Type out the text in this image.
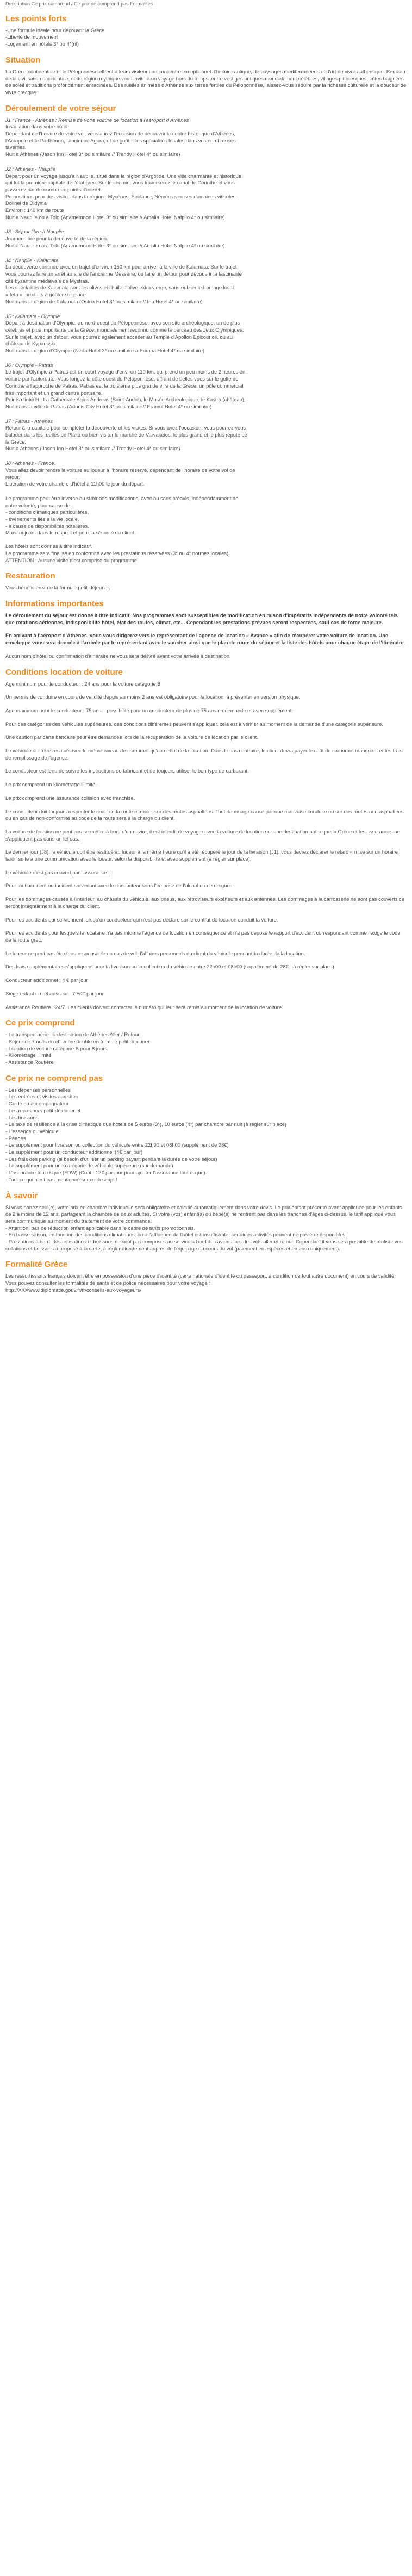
Description Ce prix comprend / Ce prix ne comprend pas Formalités
Les points forts
-Une formule idéale pour découvrir la Grèce
-Liberté de mouvement
-Logement en hôtels 3* ou 4*(nl)
Situation

La Grèce continentale et le Péloponnèse offrent à leurs visiteurs un concentré exceptionnel d'histoire antique, de paysages méditerranéens et d'art de vivre authentique. Berceau de la civilisation occidentale, cette région mythique vous invite à un voyage hors du temps, entre vestiges antiques mondialement célèbres, villages pittoresques, côtes baignées de soleil et traditions profondément enracinées. Des ruelles animées d'Athènes aux terres fertiles du Péloponnèse, laissez-vous séduire par la richesse culturelle et la douceur de vivre grecque.

Déroulement de votre séjour

J1 : France - Athènes : Remise de votre voiture de location à l'aéroport d'Athènes

Installation dans votre hôtel.

Dépendant de l'horaire de votre vol, vous aurez l'occasion de découvrir le centre historique d'Athènes,

l'Acropole et le Parthénon, l'ancienne Agora, et de goûter les spécialités locales dans vos nombreuses

tavernes.

Nuit à Athènes (Jason Inn Hotel 3* ou similaire // Trendy Hotel 4* ou similaire)

J2 : Athènes - Nauplie

Départ pour un voyage jusqu'à Nauplie, situé dans la région d'Argolide. Une ville charmante et historique,

qui fut la première capitale de l'état grec. Sur le chemin, vous traverserez le canal de Corinthe et vous

passerez par de nombreux points d'intérêt.

Propositions pour des visites dans la région : Mycènes, Epidaure, Némée avec ses domaines viticoles,

Dolinei de Didyma

Environ : 140 km de route

Nuit à Nauplie ou à Tolo (Agamemnon Hotel 3* ou similaire // Amalia Hotel Nafplio 4* ou similaire)

J3 : Séjour libre à Nauplie

Journée libre pour la découverte de la région.

Nuit à Nauplie ou à Tolo (Agamemnon Hotel 3* ou similaire // Amalia Hotel Nafplio 4* ou similaire)

J4 : Nauplie - Kalamata

La découverte continue avec un trajet d'environ 150 km pour arriver à la ville de Kalamata. Sur le trajet

vous pourrez faire un arrêt au site de l'ancienne Messène, ou faire un détour pour découvrir la fascinante

cité byzantine médiévale de Mystras.

Les spécialités de Kalamata sont les olives et l'huile d'olive extra vierge, sans oublier le fromage local

« féta », produits à goûter sur place.

Nuit dans la région de Kalamata (Ostria Hotel 3* ou similaire // Iria Hotel 4* ou similaire)

J5 : Kalamata - Olympie

Départ à destination d'Olympie, au nord-ouest du Péloponnèse, avec son site archéologique, un de plus

célèbres et plus importants de la Grèce, mondialement reconnu comme le berceau des Jeux Olympiques.

Sur le trajet, avec un détour, vous pourrez également accéder au Temple d'Apollon Epicourios, ou au

château de Kyparissia.

Nuit dans la région d'Olympie (Neda Hotel 3* ou similaire // Europa Hotel 4* ou similaire)

J6 : Olympie - Patras

Le trajet d'Olympie à Patras est un court voyage d'environ 110 km, qui prend un peu moins de 2 heures en

voiture par l'autoroute. Vous longez la côte ouest du Péloponnèse, offrant de belles vues sur le golfe de

Corinthe à l'approche de Patras. Patras est la troisième plus grande ville de la Grèce, un pôle commercial

très important et un grand centre portuaire.

Points d'intérêt : La Cathédrale Agios Andreas (Saint-André), le Musée Archéologique, le Kastro (château),

Nuit dans la ville de Patras (Adonis City Hotel 3* ou similaire // Eramul Hotel 4* ou similaire)

J7 : Patras - Athènes

Retour à la capitale pour compléter la découverte et les visites. Si vous avez l'occasion, vous pourrez vous

balader dans les ruelles de Plaka ou bien visiter le marché de Varvakeios, le plus grand et le plus réputé de

la Grèce.

Nuit à Athènes (Jason Inn Hotel 3* ou similaire // Trendy Hotel 4* ou similaire)

J8 : Athènes - France.

Vous allez devoir rendre la voiture au loueur à l'horaire réservé, dépendant de l'horaire de votre vol de

retour.

Libération de votre chambre d'hôtel à 11h00 le jour du départ.

Le programme peut être inversé ou subir des modifications, avec ou sans préavis, indépendamment de

notre volonté, pour cause de :

- conditions climatiques particulières,

- événements liés à la vie locale,

- à cause de disponibilités hôtelières.

Mais toujours dans le respect et pour la sécurité du client.

Les hôtels sont donnés à titre indicatif.

Le programme sera finalisé en conformité avec les prestations réservées (3* ou 4* normes locales).

ATTENTION : Aucune visite n'est comprise au programme.

Restauration

Vous bénéficierez de la formule petit-déjeuner.

Informations importantes

Le déroulement du séjour est donné à titre indicatif. Nos programmes sont susceptibles de modification en raison d'impératifs indépendants de notre volonté tels que rotations aériennes, indisponibilité hôtel, état des routes, climat, etc... Cependant les prestations prévues seront respectées, sauf cas de force majeure.

En arrivant à l'aéroport d'Athènes, vous vous dirigerez vers le représentant de l'agence de location « Avance » afin de récupérer votre voiture de location. Une enveloppe vous sera donnée à l'arrivée par le représentant avec le vaucher ainsi que le plan de route du séjour et la liste des hôtels pour chaque étape de l'itinéraire.

Aucun nom d'hôtel ou confirmation d'itinéraire ne vous sera délivré avant votre arrivée à destination.

Conditions location de voiture

Age minimum pour le conducteur : 24 ans pour la voiture catégorie B

Un permis de conduire en cours de validité depuis au moins 2 ans est obligatoire pour la location, à présenter en version physique.

Age maximum pour le conducteur : 75 ans – possibilité pour un conducteur de plus de 75 ans en demande et avec supplément.

Pour des catégories des véhicules supérieures, des conditions différentes peuvent s'appliquer, cela est à vérifier au moment de la demande d'une catégorie supérieure.

Une caution par carte bancaire peut être demandée lors de la récupération de la voiture de location par le client.

Le véhicule doit être restitué avec le même niveau de carburant qu'au début de la location. Dans le cas contraire, le client devra payer le coût du carburant manquant et les frais de remplissage de l'agence.

Le conducteur est tenu de suivre les instructions du fabricant et de toujours utiliser le bon type de carburant.

Le prix comprend un kilométrage illimité.

Le prix comprend une assurance collision avec franchise.

Le conducteur doit toujours respecter le code de la route et rouler sur des routes asphaltées. Tout dommage causé par une mauvaise conduite ou sur des routes non asphaltées ou en cas de non-conformité au code de la route sera à la charge du client.

La voiture de location ne peut pas se mettre à bord d'un navire, il est interdit de voyager avec la voiture de location sur une destination autre que la Grèce et les assurances ne s'appliquent pas dans un tel cas.

Le dernier jour (J8), le véhicule doit être restitué au loueur à la même heure qu'il a été récupéré le jour de la livraison (J1), vous devrez déclarer le retard « mise sur un horaire tardif suite à une communication avec le loueur, selon la disponibilité et avec supplément (à régler sur place).

Le véhicule n'est pas couvert par l'assurance :

Pour tout accident ou incident survenant avec le conducteur sous l'emprise de l'alcool ou de drogues.

Pour les dommages causés à l'intérieur, au châssis du véhicule, aux pneus, aux rétroviseurs extérieurs et aux antennes. Les dommages à la carrosserie ne sont pas couverts ce seront intégralement à la charge du client.

Pour les accidents qui surviennent lorsqu'un conducteur qui n'est pas déclaré sur le contrat de location conduit la voiture.

Pour les accidents pour lesquels le locataire n'a pas informé l'agence de location en conséquence et n'a pas déposé le rapport d'accident correspondant comme l'exige le code de la route grec.

Le loueur ne peut pas être tenu responsable en cas de vol d'affaires personnels du client du véhicule pendant la durée de la location.

Des frais supplémentaires s'appliquent pour la livraison ou la collection du véhicule entre 22h00 et 08h00 (supplément de 28€ - à régler sur place)

Conducteur additionnel : 4 € par jour

Siège enfant ou réhausseur : 7,50€ par jour

Assistance Routière : 24/7. Les clients doivent contacter le numéro qui leur sera remis au moment de la location de voiture.

Ce prix comprend
- Le transport aérien à destination de Athènes Aller / Retour.
- Séjour de 7 nuits en chambre double en formule petit déjeuner
- Location de voiture catégorie B pour 8 jours
- Kilométrage illimité
- Assistance Routière
Ce prix ne comprend pas
- Les dépenses personnelles
- Les entrées et visites aux sites
- Guide ou accompagnateur
- Les repas hors petit-déjeuner et
- Les boissons
- La taxe de résilience à la crise climatique due hôtels de 5 euros (3*), 10 euros (4*) par chambre par nuit (à régler sur place)
- L'essence du véhicule
- Péages
- Le supplément pour livraison ou collection du véhicule entre 22h00 et 08h00 (supplément de 28€)
- Le supplément pour un conducteur additionnel (4€ par jour)
- Les frais des parking (si besoin d'utiliser un parking payant pendant la durée de votre séjour)
- Le supplément pour une catégorie de véhicule supérieure (sur demande)
- L'assurance tout risque (FDW) (Coût : 12€ par jour pour ajouter l'assurance tout risque).
- Tout ce qui n'est pas mentionné sur ce descriptif
À savoir

Si vous partez seul(e), votre prix en chambre individuelle sera obligatoire et calculé automatiquement dans votre devis. Le prix enfant présenté avant appliquée pour les enfants de 2 à moins de 12 ans, partageant la chambre de deux adultes. Si votre (vos) enfant(s) ou bébé(s) ne rentrent pas dans les tranches d'âges ci-dessus, le tarif appliqué vous sera communiqué au moment du traitement de votre commande.

- Attention, pas de réduction enfant applicable dans le cadre de tarifs promotionnels.

- En basse saison, en fonction des conditions climatiques, ou à l'affluence de l'hôtel est insuffisante, certaines activités peuvent ne pas être disponibles.

- Prestations à bord : les cotisations et boissons ne sont pas comprises au service à bord des avions lors des vols aller et retour. Cependant il vous sera possible de réaliser vos collations et boissons à proposé à la carte, à régler directement auprès de l'équipage ou cours du vol (paiement en espèces et en euro uniquement).

Formalité Grèce

Les ressortissants français doivent être en possession d'une pièce d'identité (carte nationale d'identité ou passeport, à condition de tout autre document) en cours de validité.

Vous pouvez consulter les formalités de santé et de police nécessaires pour votre voyage :

http://XXXwww.diplomatie.gouv.fr/fr/conseils-aux-voyageurs/
